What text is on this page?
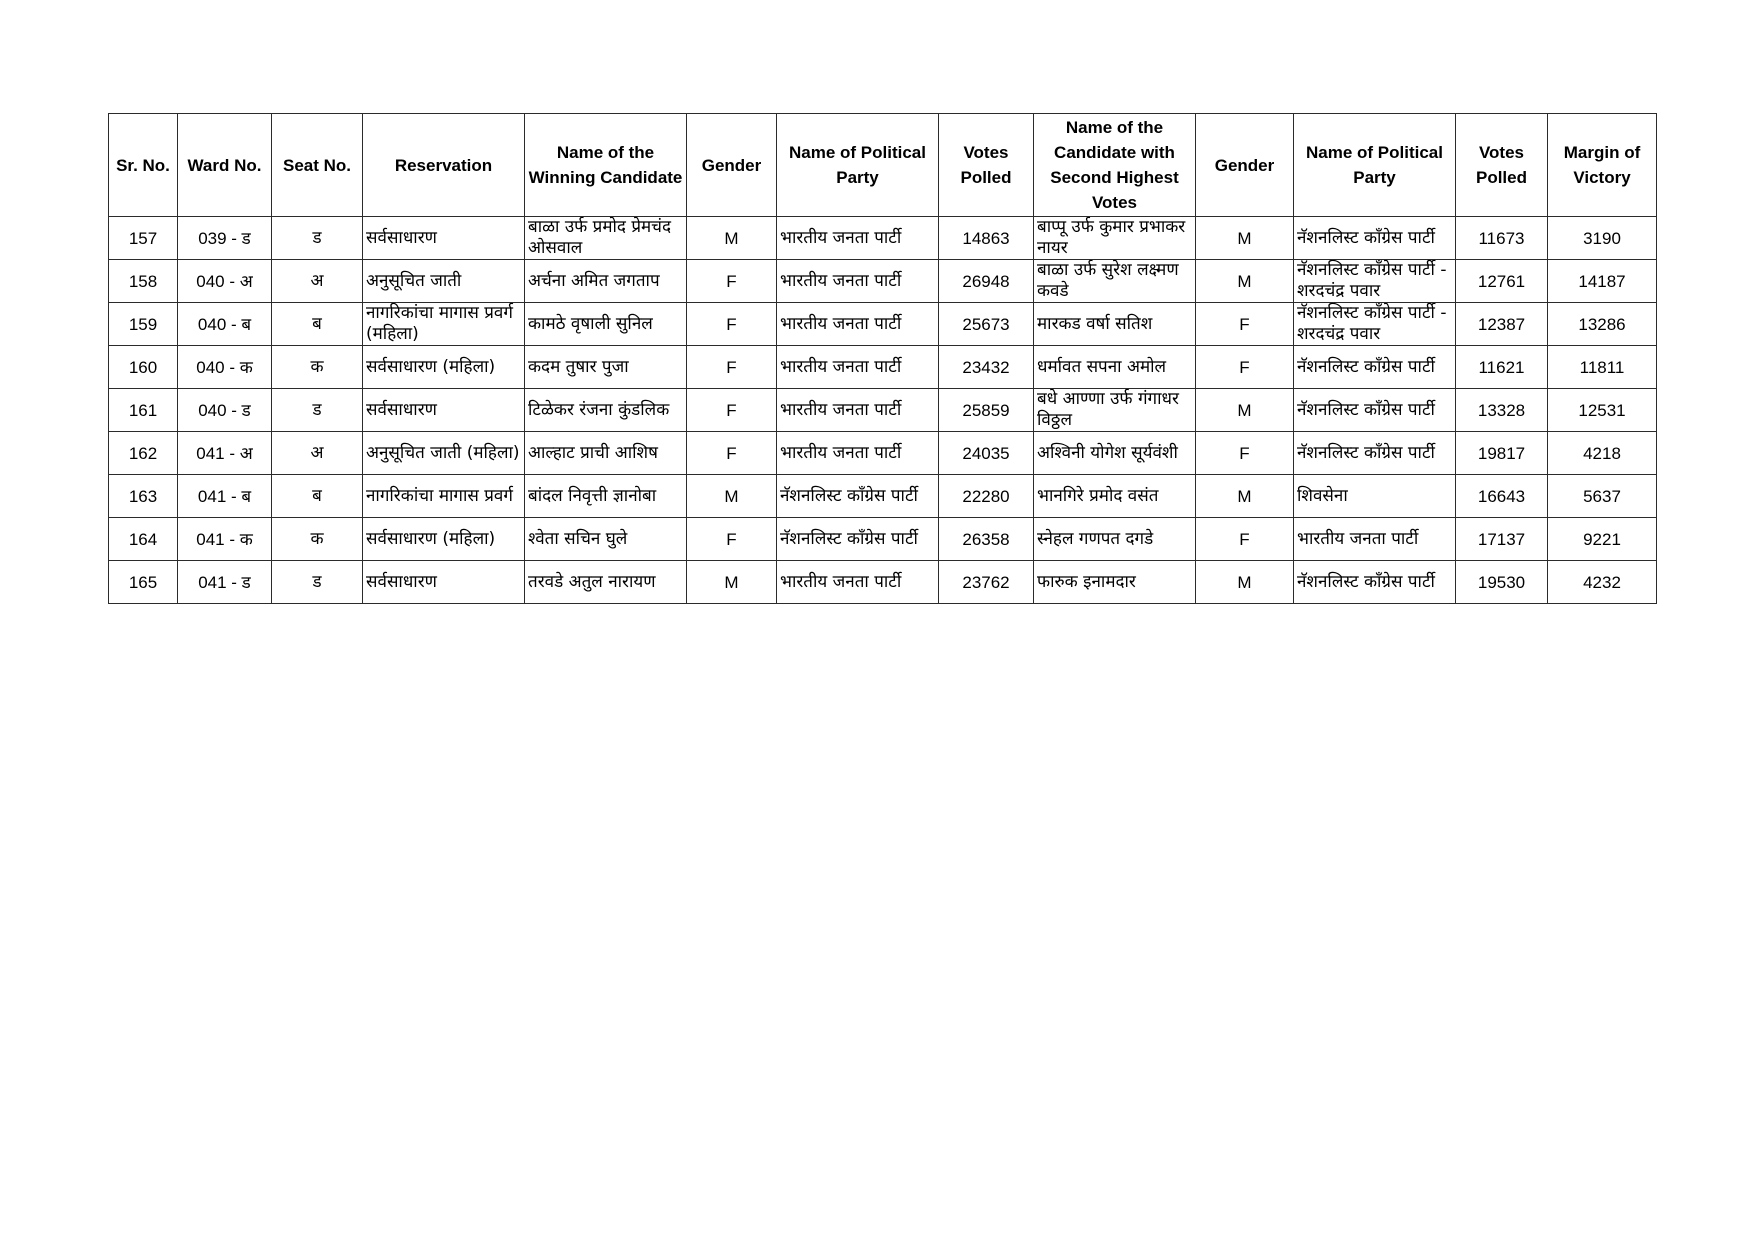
Sr. No.	Ward No.	Seat No.	Reservation	Name of the Winning Candidate	Gender	Name of Political Party	Votes Polled	Name of the Candidate with Second Highest Votes	Gender	Name of Political Party	Votes Polled	Margin of Victory
157	039 - ड	ड	सर्वसाधारण	बाळा उर्फ प्रमोद प्रेमचंद ओसवाल	M	भारतीय जनता पार्टी	14863	बाप्पू उर्फ कुमार प्रभाकर नायर	M	नॅशनलिस्ट काँग्रेस पार्टी	11673	3190
158	040 - अ	अ	अनुसूचित जाती	अर्चना अमित जगताप	F	भारतीय जनता पार्टी	26948	बाळा उर्फ सुरेश लक्ष्मण कवडे	M	नॅशनलिस्ट काँग्रेस पार्टी - शरदचंद्र पवार	12761	14187
159	040 - ब	ब	नागरिकांचा मागास प्रवर्ग (महिला)	कामठे वृषाली सुनिल	F	भारतीय जनता पार्टी	25673	मारकड वर्षा सतिश	F	नॅशनलिस्ट काँग्रेस पार्टी - शरदचंद्र पवार	12387	13286
160	040 - क	क	सर्वसाधारण (महिला)	कदम तुषार पुजा	F	भारतीय जनता पार्टी	23432	धर्मावत सपना अमोल	F	नॅशनलिस्ट काँग्रेस पार्टी	11621	11811
161	040 - ड	ड	सर्वसाधारण	टिळेकर रंजना कुंडलिक	F	भारतीय जनता पार्टी	25859	बधे आण्णा उर्फ गंगाधर विठ्ठल	M	नॅशनलिस्ट काँग्रेस पार्टी	13328	12531
162	041 - अ	अ	अनुसूचित जाती (महिला)	आल्हाट प्राची आशिष	F	भारतीय जनता पार्टी	24035	अश्विनी योगेश सूर्यवंशी	F	नॅशनलिस्ट काँग्रेस पार्टी	19817	4218
163	041 - ब	ब	नागरिकांचा मागास प्रवर्ग	बांदल निवृत्ती ज्ञानोबा	M	नॅशनलिस्ट काँग्रेस पार्टी	22280	भानगिरे प्रमोद वसंत	M	शिवसेना	16643	5637
164	041 - क	क	सर्वसाधारण (महिला)	श्वेता सचिन घुले	F	नॅशनलिस्ट काँग्रेस पार्टी	26358	स्नेहल गणपत दगडे	F	भारतीय जनता पार्टी	17137	9221
165	041 - ड	ड	सर्वसाधारण	तरवडे अतुल नारायण	M	भारतीय जनता पार्टी	23762	फारुक इनामदार	M	नॅशनलिस्ट काँग्रेस पार्टी	19530	4232
